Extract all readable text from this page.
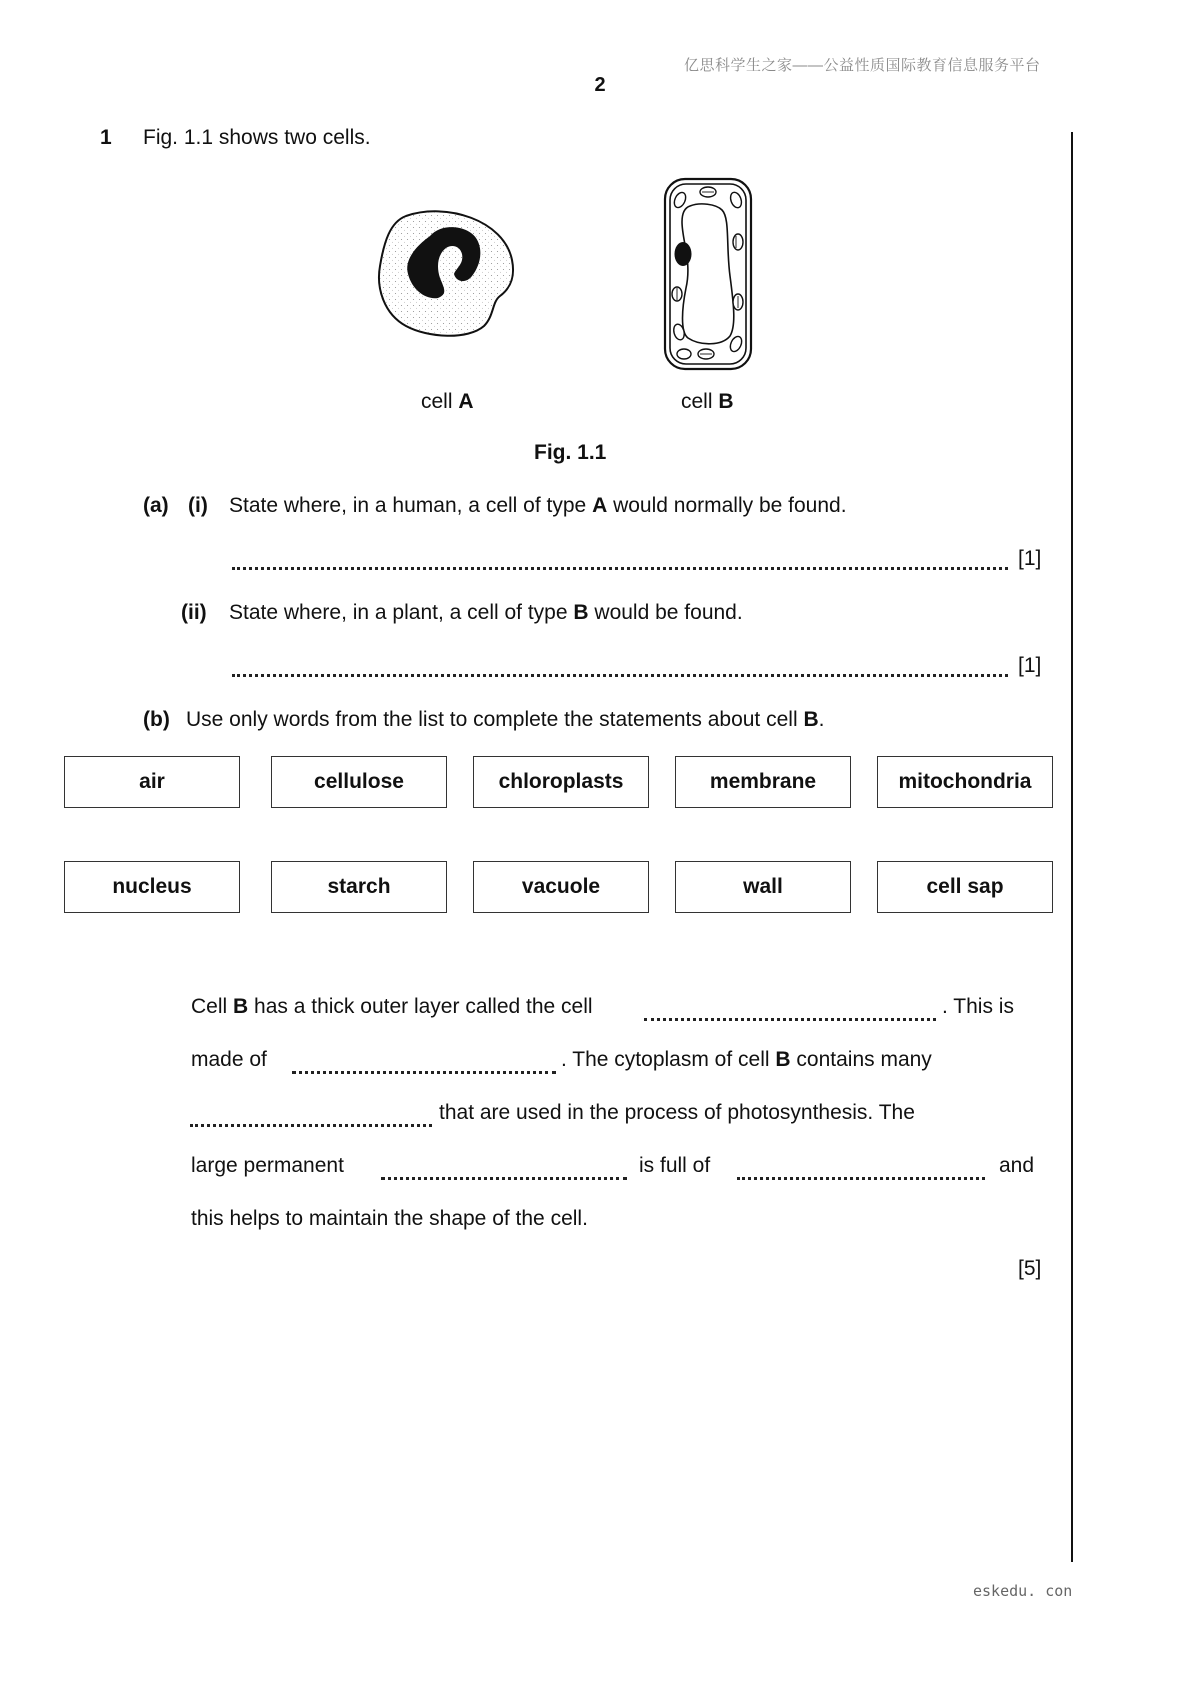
亿思科学生之家——公益性质国际教育信息服务平台
2
1 Fig. 1.1 shows two cells.
cell A	cell B
Fig. 1.1
(a) (i) State where, in a human, a cell of type A would normally be found.
[1]
(ii) State where, in a plant, a cell of type B would be found.
[1]
(b) Use only words from the list to complete the statements about cell B.
air	cellulose	chloroplasts	membrane	mitochondria
nucleus	starch	vacuole	wall	cell sap
Cell B has a thick outer layer called the cell	. This is
made of	. The cytoplasm of cell B contains many
that are used in the process of photosynthesis. The
large permanent	is full of	and
this helps to maintain the shape of the cell.
[5]
eskedu. con
